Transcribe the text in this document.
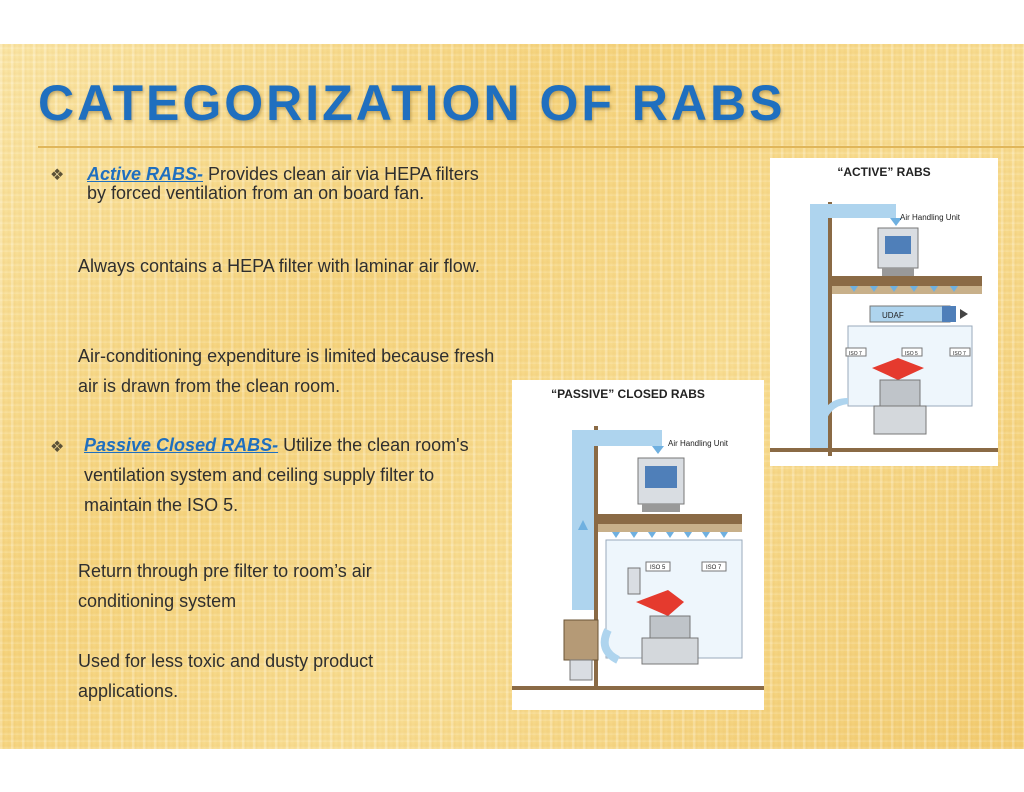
CATEGORIZATION OF RABS
❖ Active RABS- Provides clean air via HEPA filters by forced ventilation from an on board fan.
Always contains a HEPA filter with laminar air flow.
Air-conditioning expenditure is limited because fresh air is drawn from the clean room.
❖ Passive Closed RABS- Utilize the clean room's ventilation system and ceiling supply filter to maintain the ISO 5.
Return through pre filter to room’s air conditioning system
Used for less toxic and dusty product applications.
“ACTIVE” RABS
Air Handling Unit
UDAF
ISO 7	ISO 5	ISO 7
“PASSIVE” CLOSED RABS
Air Handling Unit
ISO 5	ISO 7
